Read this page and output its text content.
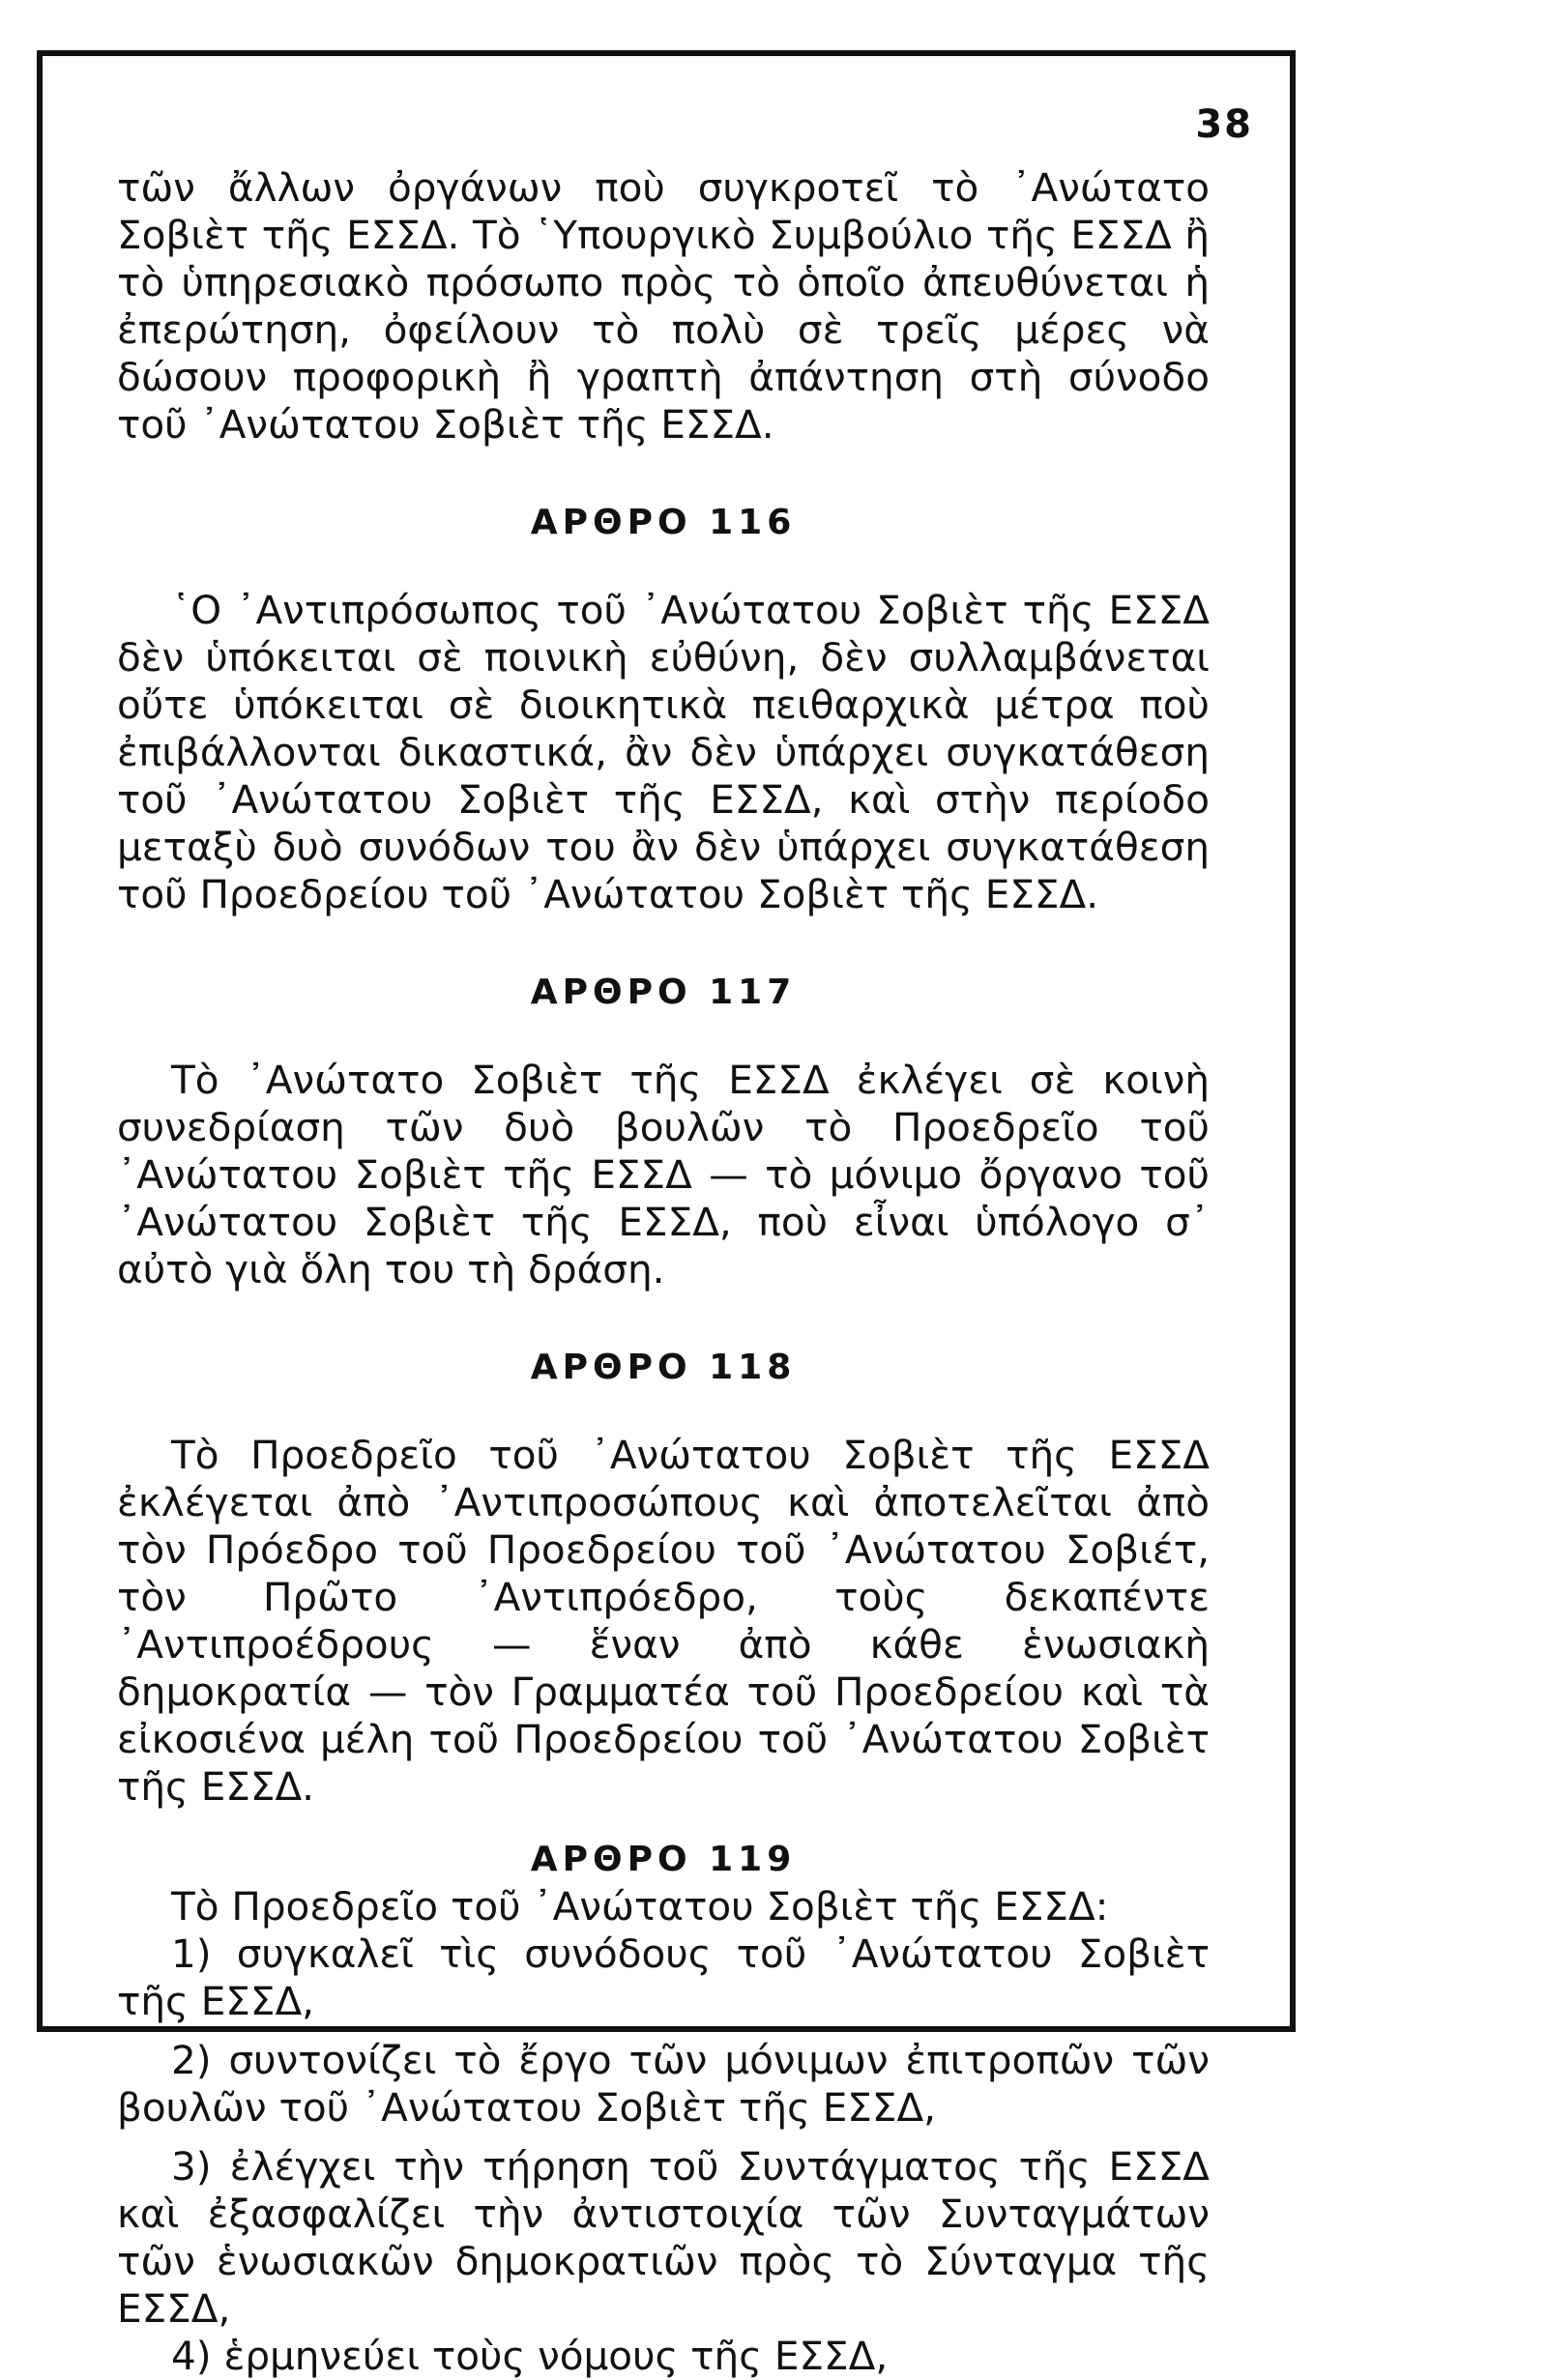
38

τῶν ἄλλων ὀργάνων ποὺ συγκροτεῖ τὸ ᾿Ανώτατο Σοβιὲτ τῆς ΕΣΣΔ. Τὸ ῾Υπουργικὸ Συμβούλιο τῆς ΕΣΣΔ ἢ τὸ ὑπηρεσιακὸ πρόσωπο πρὸς τὸ ὁποῖο ἀπευθύνεται ἡ ἐπερώτηση, ὀφείλουν τὸ πολὺ σὲ τρεῖς μέρες νὰ δώσουν προφορικὴ ἢ γραπτὴ ἀπάντηση στὴ σύνοδο τοῦ ᾿Ανώτατου Σοβιὲτ τῆς ΕΣΣΔ.

ΑΡΘΡΟ 116

῾Ο ᾿Αντιπρόσωπος τοῦ ᾿Ανώτατου Σοβιὲτ τῆς ΕΣΣΔ δὲν ὑπόκειται σὲ ποινικὴ εὐθύνη, δὲν συλλαμβάνεται οὔτε ὑπόκειται σὲ διοικητικὰ πειθαρχικὰ μέτρα ποὺ ἐπιβάλλονται δικαστικά, ἂν δὲν ὑπάρχει συγκατάθεση τοῦ ᾿Ανώτατου Σοβιὲτ τῆς ΕΣΣΔ, καὶ στὴν περίοδο μεταξὺ δυὸ συνόδων του ἂν δὲν ὑπάρχει συγκατάθεση τοῦ Προεδρείου τοῦ ᾿Ανώτατου Σοβιὲτ τῆς ΕΣΣΔ.

ΑΡΘΡΟ 117

Τὸ ᾿Ανώτατο Σοβιὲτ τῆς ΕΣΣΔ ἐκλέγει σὲ κοινὴ συνεδρίαση τῶν δυὸ βουλῶν τὸ Προεδρεῖο τοῦ ᾿Ανώτατου Σοβιὲτ τῆς ΕΣΣΔ — τὸ μόνιμο ὄργανο τοῦ ᾿Ανώτατου Σοβιὲτ τῆς ΕΣΣΔ, ποὺ εἶναι ὑπόλογο σ᾿ αὐτὸ γιὰ ὅλη του τὴ δράση.

ΑΡΘΡΟ 118

Τὸ Προεδρεῖο τοῦ ᾿Ανώτατου Σοβιὲτ τῆς ΕΣΣΔ ἐκλέγεται ἀπὸ ᾿Αντιπροσώπους καὶ ἀποτελεῖται ἀπὸ τὸν Πρόεδρο τοῦ Προεδρείου τοῦ ᾿Ανώτατου Σοβιέτ, τὸν Πρῶτο ᾿Αντιπρόεδρο, τοὺς δεκαπέντε ᾿Αντιπροέδρους — ἕναν ἀπὸ κάθε ἑνωσιακὴ δημοκρατία — τὸν Γραμματέα τοῦ Προεδρείου καὶ τὰ εἰκοσιένα μέλη τοῦ Προεδρείου τοῦ ᾿Ανώτατου Σοβιὲτ τῆς ΕΣΣΔ.

ΑΡΘΡΟ 119

Τὸ Προεδρεῖο τοῦ ᾿Ανώτατου Σοβιὲτ τῆς ΕΣΣΔ:

1) συγκαλεῖ τὶς συνόδους τοῦ ᾿Ανώτατου Σοβιὲτ τῆς ΕΣΣΔ,

2) συντονίζει τὸ ἔργο τῶν μόνιμων ἐπιτροπῶν τῶν βουλῶν τοῦ ᾿Ανώτατου Σοβιὲτ τῆς ΕΣΣΔ,

3) ἐλέγχει τὴν τήρηση τοῦ Συντάγματος τῆς ΕΣΣΔ καὶ ἐξασφαλίζει τὴν ἀντιστοιχία τῶν Συνταγμάτων τῶν ἑνωσιακῶν δημοκρατιῶν πρὸς τὸ Σύνταγμα τῆς ΕΣΣΔ,

4) ἑρμηνεύει τοὺς νόμους τῆς ΕΣΣΔ,
